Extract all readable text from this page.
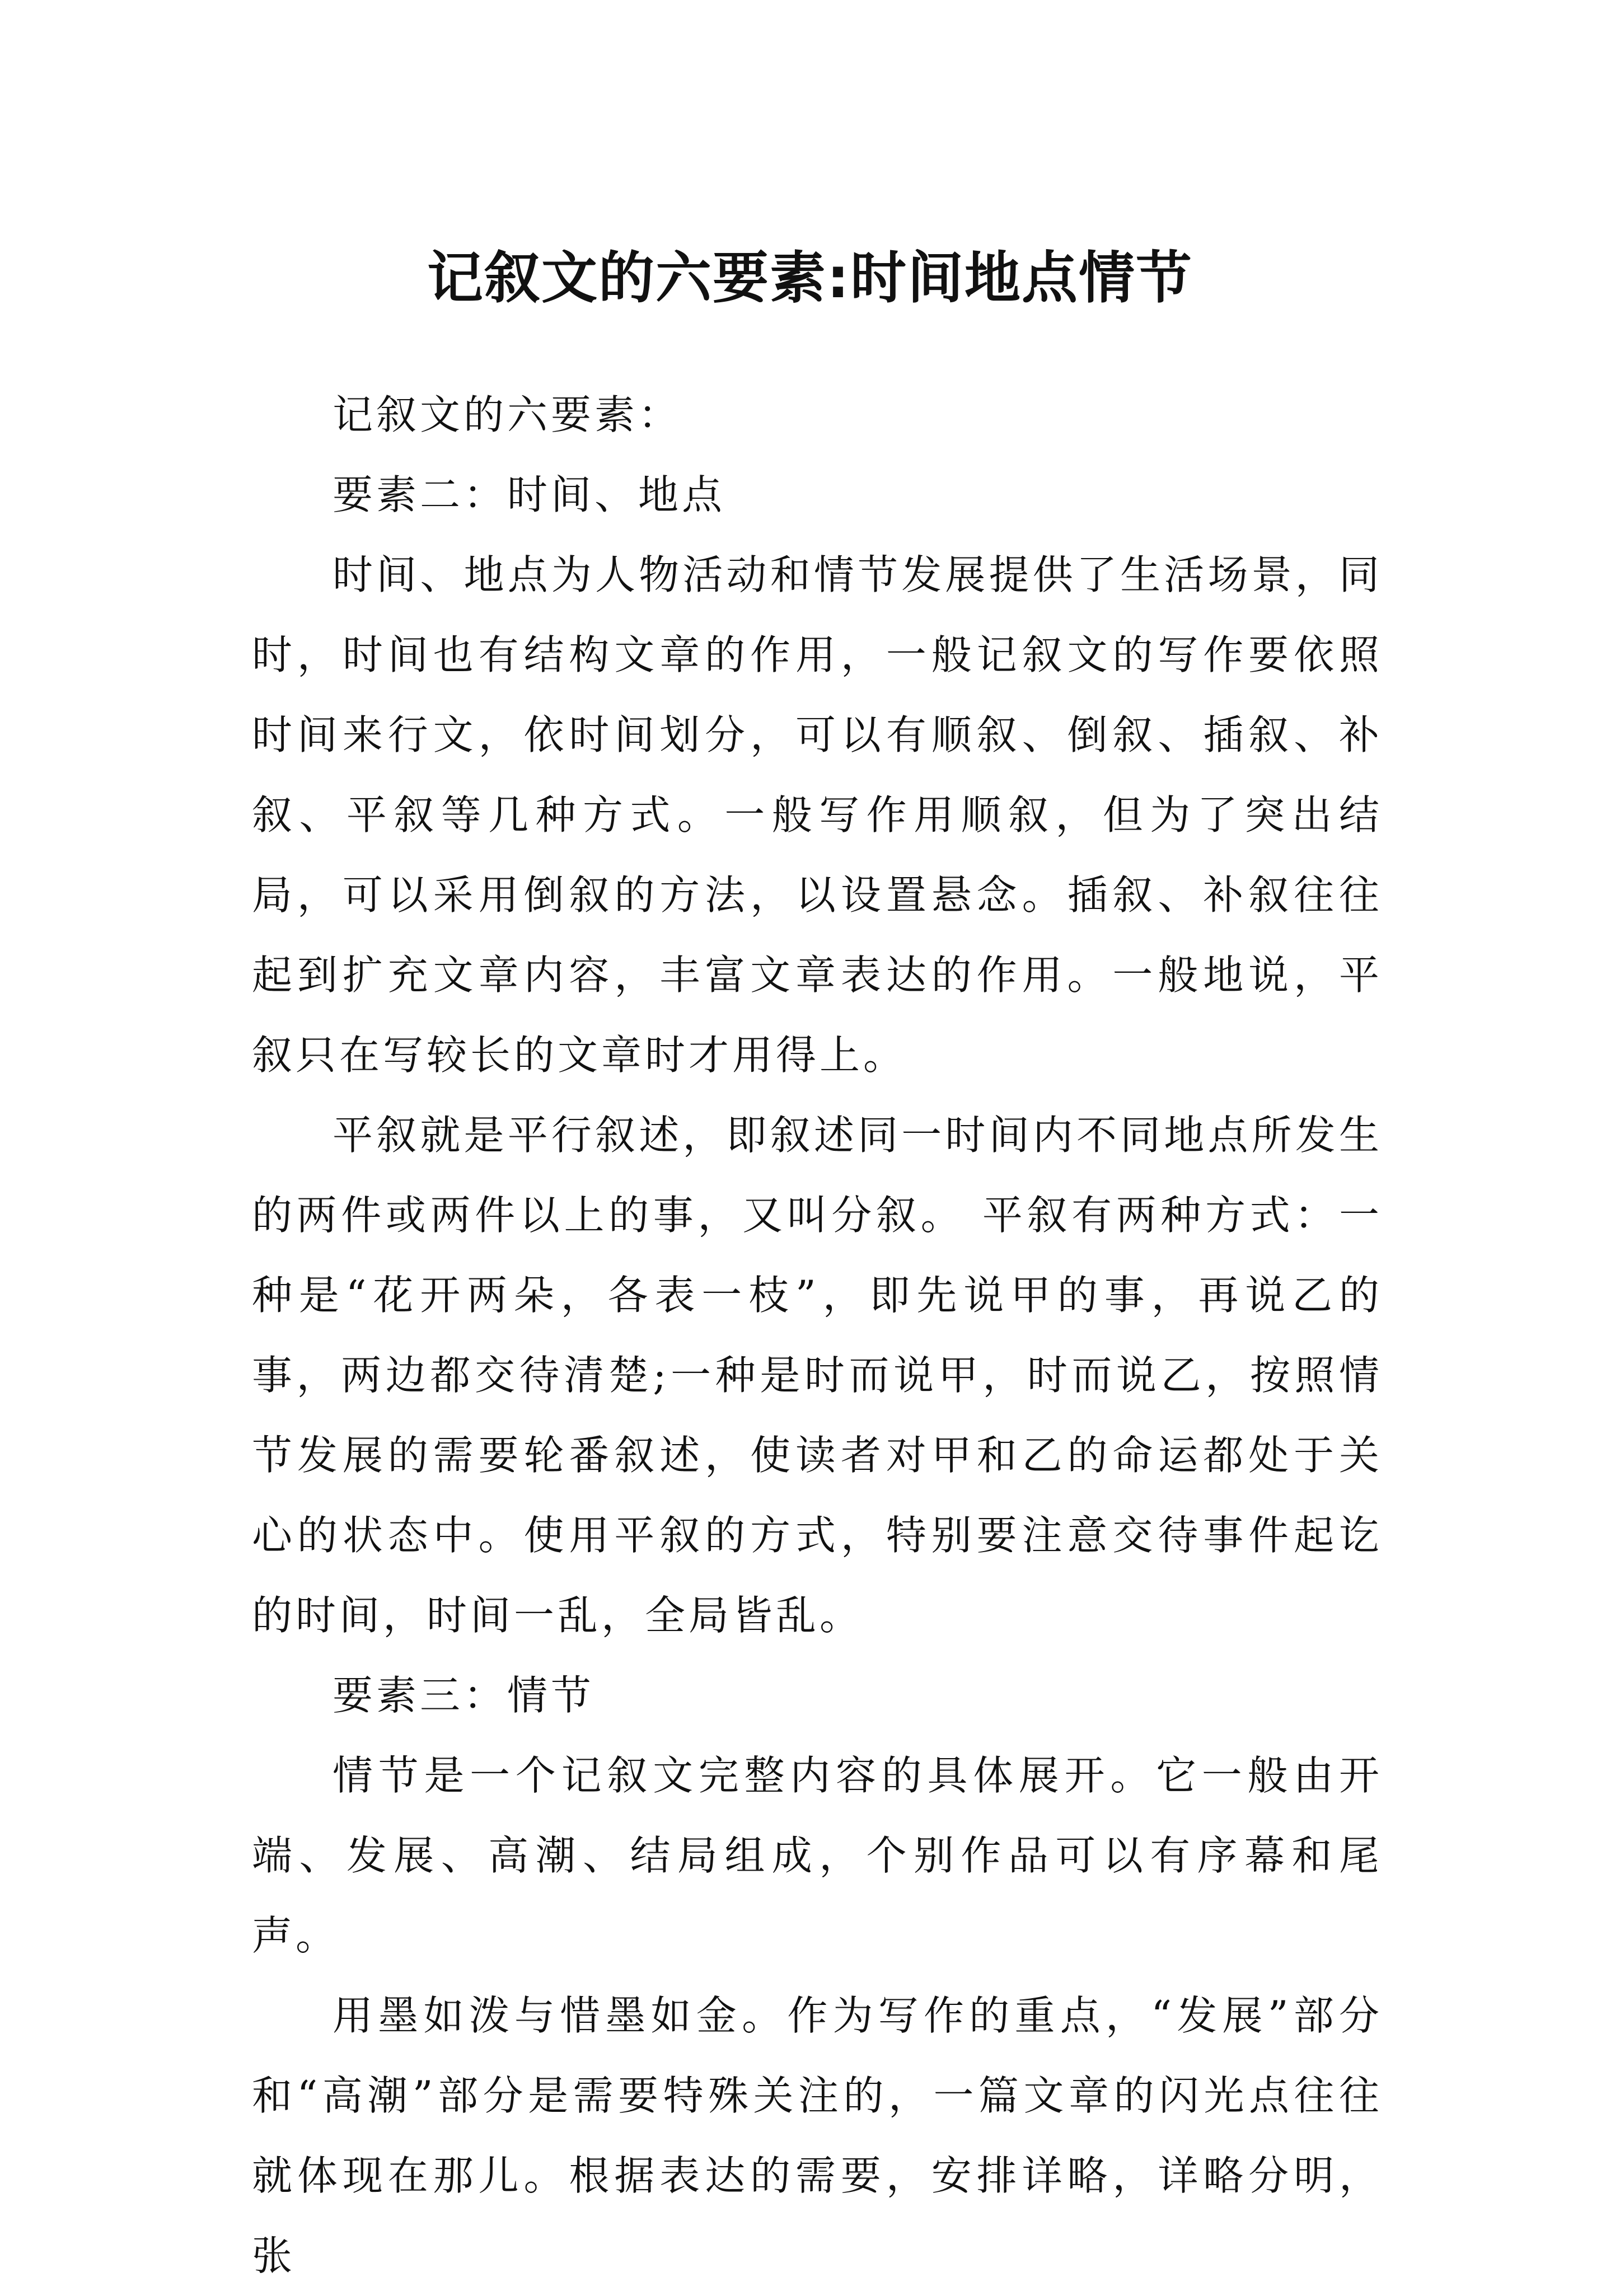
记叙文的六要素:时间地点情节

记叙文的六要素：

要素二：时间、地点

时间、地点为人物活动和情节发展提供了生活场景，同时，时间也有结构文章的作用，一般记叙文的写作要依照时间来行文，依时间划分，可以有顺叙、倒叙、插叙、补叙、平叙等几种方式。一般写作用顺叙，但为了突出结局，可以采用倒叙的方法，以设置悬念。插叙、补叙往往起到扩充文章内容，丰富文章表达的作用。一般地说，平叙只在写较长的文章时才用得上。

平叙就是平行叙述，即叙述同一时间内不同地点所发生的两件或两件以上的事，又叫分叙。 平叙有两种方式：一种是“花开两朵，各表一枝”，即先说甲的事，再说乙的事，两边都交待清楚;一种是时而说甲，时而说乙，按照情节发展的需要轮番叙述，使读者对甲和乙的命运都处于关心的状态中。使用平叙的方式，特别要注意交待事件起讫的时间，时间一乱，全局皆乱。

要素三：情节

情节是一个记叙文完整内容的具体展开。它一般由开端、发展、高潮、结局组成，个别作品可以有序幕和尾声。

用墨如泼与惜墨如金。作为写作的重点，“发展”部分和“高潮”部分是需要特殊关注的，一篇文章的闪光点往往就体现在那儿。根据表达的需要，安排详略，详略分明，张
